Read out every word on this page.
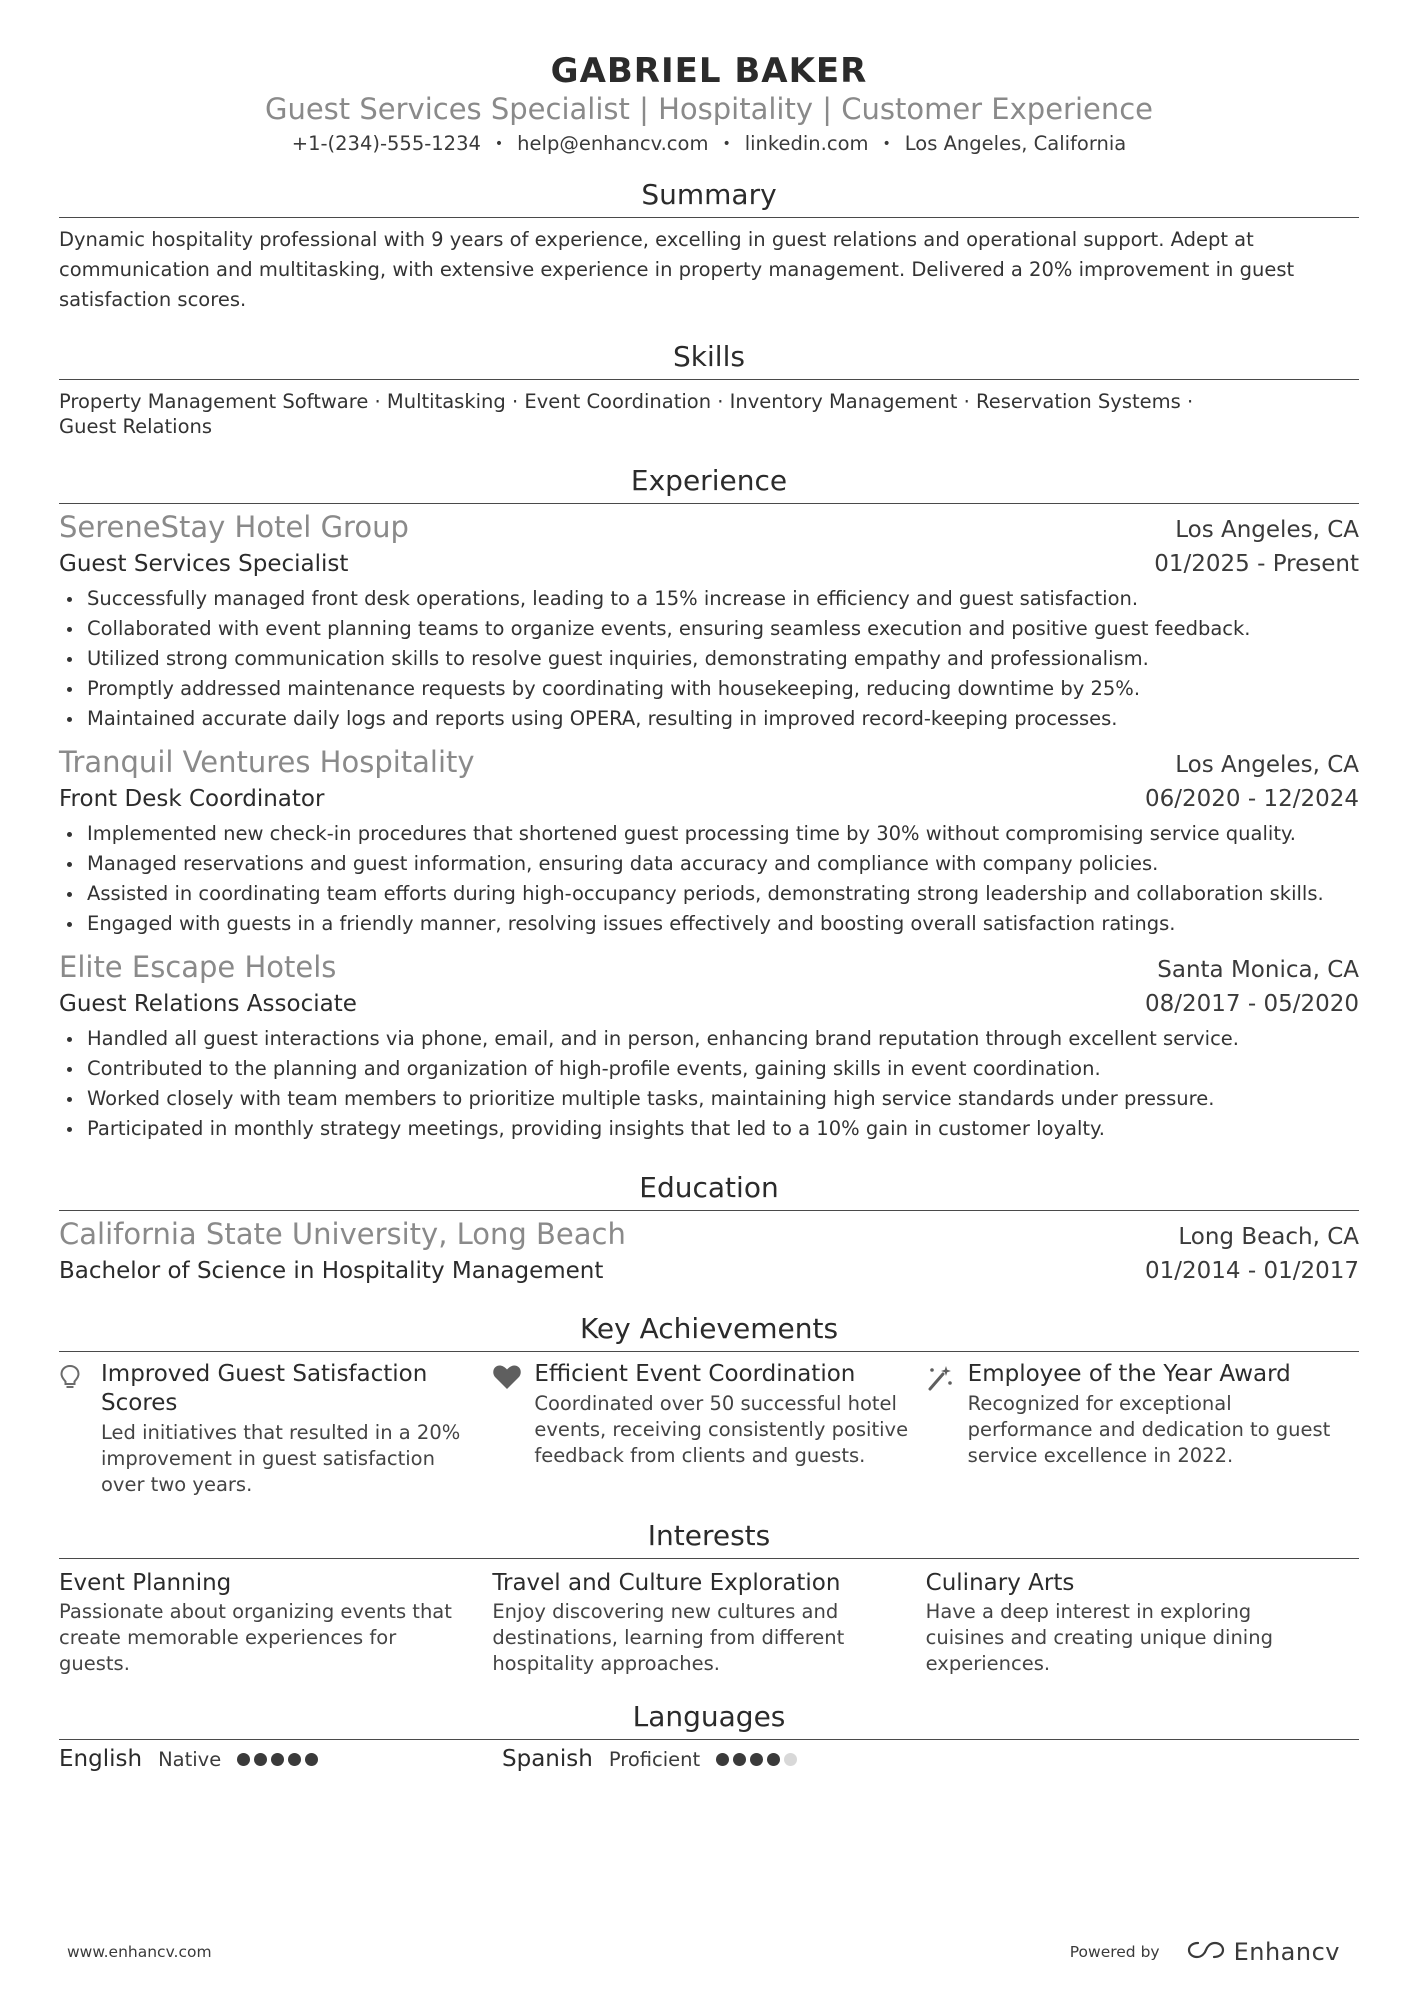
GABRIEL BAKER
Guest Services Specialist | Hospitality | Customer Experience
+1-(234)-555-1234 • help@enhancv.com • linkedin.com • Los Angeles, California
Summary
Dynamic hospitality professional with 9 years of experience, excelling in guest relations and operational support. Adept at communication and multitasking, with extensive experience in property management. Delivered a 20% improvement in guest satisfaction scores.
Skills
Property Management Software · Multitasking · Event Coordination · Inventory Management · Reservation Systems ·
Guest Relations
Experience
SereneStay Hotel Group	Los Angeles, CA
Guest Services Specialist	01/2025 - Present
Successfully managed front desk operations, leading to a 15% increase in efficiency and guest satisfaction.
Collaborated with event planning teams to organize events, ensuring seamless execution and positive guest feedback.
Utilized strong communication skills to resolve guest inquiries, demonstrating empathy and professionalism.
Promptly addressed maintenance requests by coordinating with housekeeping, reducing downtime by 25%.
Maintained accurate daily logs and reports using OPERA, resulting in improved record-keeping processes.
Tranquil Ventures Hospitality	Los Angeles, CA
Front Desk Coordinator	06/2020 - 12/2024
Implemented new check-in procedures that shortened guest processing time by 30% without compromising service quality.
Managed reservations and guest information, ensuring data accuracy and compliance with company policies.
Assisted in coordinating team efforts during high-occupancy periods, demonstrating strong leadership and collaboration skills.
Engaged with guests in a friendly manner, resolving issues effectively and boosting overall satisfaction ratings.
Elite Escape Hotels	Santa Monica, CA
Guest Relations Associate	08/2017 - 05/2020
Handled all guest interactions via phone, email, and in person, enhancing brand reputation through excellent service.
Contributed to the planning and organization of high-profile events, gaining skills in event coordination.
Worked closely with team members to prioritize multiple tasks, maintaining high service standards under pressure.
Participated in monthly strategy meetings, providing insights that led to a 10% gain in customer loyalty.
Education
California State University, Long Beach	Long Beach, CA
Bachelor of Science in Hospitality Management	01/2014 - 01/2017
Key Achievements
Improved Guest Satisfaction Scores
Led initiatives that resulted in a 20% improvement in guest satisfaction over two years.
Efficient Event Coordination
Coordinated over 50 successful hotel events, receiving consistently positive feedback from clients and guests.
Employee of the Year Award
Recognized for exceptional performance and dedication to guest service excellence in 2022.
Interests
Event Planning
Passionate about organizing events that create memorable experiences for guests.
Travel and Culture Exploration
Enjoy discovering new cultures and destinations, learning from different hospitality approaches.
Culinary Arts
Have a deep interest in exploring cuisines and creating unique dining experiences.
Languages
English Native	Spanish Proficient
www.enhancv.com	Powered by	Enhancv
